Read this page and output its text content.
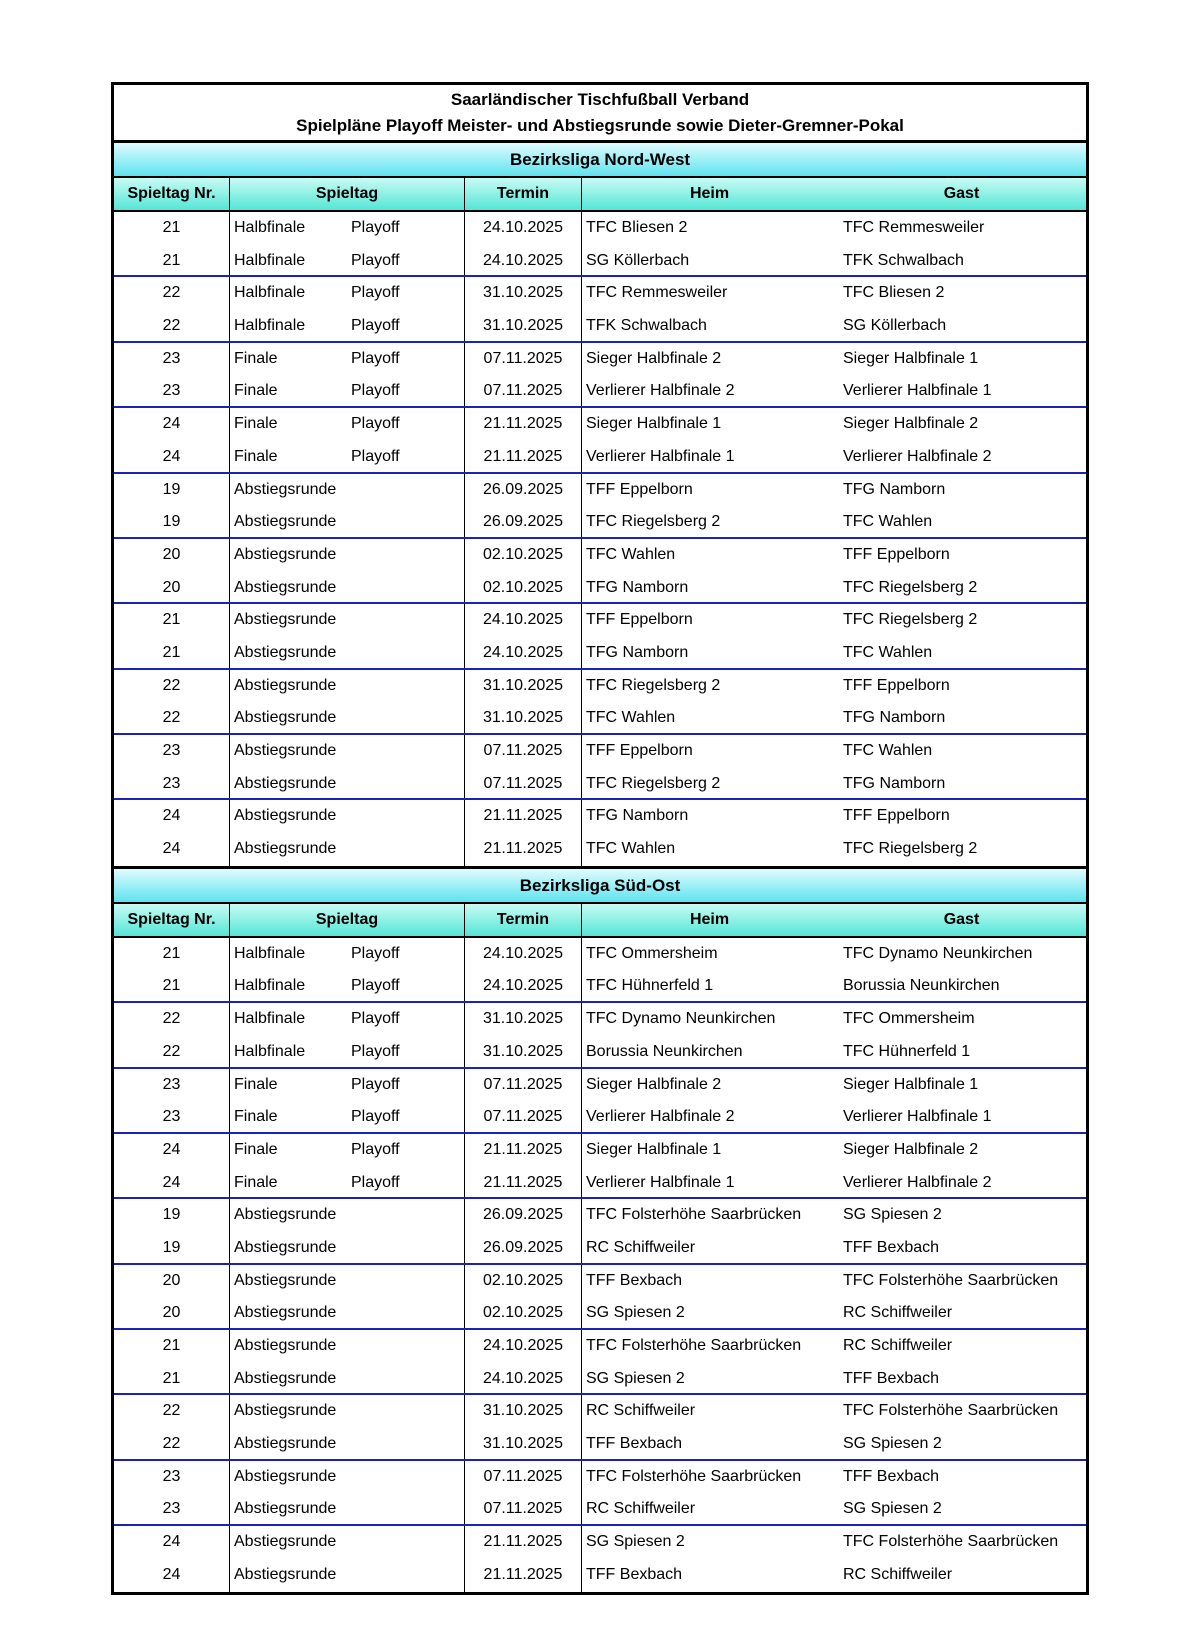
Saarländischer Tischfußball Verband
Spielpläne Playoff Meister- und Abstiegsrunde sowie Dieter-Gremner-Pokal
Bezirksliga Nord-West
Spieltag Nr.	Spieltag	Termin	Heim	Gast
21	Halbfinale	Playoff	24.10.2025	TFC Bliesen 2	TFC Remmesweiler
21	Halbfinale	Playoff	24.10.2025	SG Köllerbach	TFK Schwalbach
22	Halbfinale	Playoff	31.10.2025	TFC Remmesweiler	TFC Bliesen 2
22	Halbfinale	Playoff	31.10.2025	TFK Schwalbach	SG Köllerbach
23	Finale	Playoff	07.11.2025	Sieger Halbfinale 2	Sieger Halbfinale 1
23	Finale	Playoff	07.11.2025	Verlierer Halbfinale 2	Verlierer Halbfinale 1
24	Finale	Playoff	21.11.2025	Sieger Halbfinale 1	Sieger Halbfinale 2
24	Finale	Playoff	21.11.2025	Verlierer Halbfinale 1	Verlierer Halbfinale 2
19	Abstiegsrunde	26.09.2025	TFF Eppelborn	TFG Namborn
19	Abstiegsrunde	26.09.2025	TFC Riegelsberg 2	TFC Wahlen
20	Abstiegsrunde	02.10.2025	TFC Wahlen	TFF Eppelborn
20	Abstiegsrunde	02.10.2025	TFG Namborn	TFC Riegelsberg 2
21	Abstiegsrunde	24.10.2025	TFF Eppelborn	TFC Riegelsberg 2
21	Abstiegsrunde	24.10.2025	TFG Namborn	TFC Wahlen
22	Abstiegsrunde	31.10.2025	TFC Riegelsberg 2	TFF Eppelborn
22	Abstiegsrunde	31.10.2025	TFC Wahlen	TFG Namborn
23	Abstiegsrunde	07.11.2025	TFF Eppelborn	TFC Wahlen
23	Abstiegsrunde	07.11.2025	TFC Riegelsberg 2	TFG Namborn
24	Abstiegsrunde	21.11.2025	TFG Namborn	TFF Eppelborn
24	Abstiegsrunde	21.11.2025	TFC Wahlen	TFC Riegelsberg 2
Bezirksliga Süd-Ost
Spieltag Nr.	Spieltag	Termin	Heim	Gast
21	Halbfinale	Playoff	24.10.2025	TFC Ommersheim	TFC Dynamo Neunkirchen
21	Halbfinale	Playoff	24.10.2025	TFC Hühnerfeld 1	Borussia Neunkirchen
22	Halbfinale	Playoff	31.10.2025	TFC Dynamo Neunkirchen	TFC Ommersheim
22	Halbfinale	Playoff	31.10.2025	Borussia Neunkirchen	TFC Hühnerfeld 1
23	Finale	Playoff	07.11.2025	Sieger Halbfinale 2	Sieger Halbfinale 1
23	Finale	Playoff	07.11.2025	Verlierer Halbfinale 2	Verlierer Halbfinale 1
24	Finale	Playoff	21.11.2025	Sieger Halbfinale 1	Sieger Halbfinale 2
24	Finale	Playoff	21.11.2025	Verlierer Halbfinale 1	Verlierer Halbfinale 2
19	Abstiegsrunde	26.09.2025	TFC Folsterhöhe Saarbrücken	SG Spiesen 2
19	Abstiegsrunde	26.09.2025	RC Schiffweiler	TFF Bexbach
20	Abstiegsrunde	02.10.2025	TFF Bexbach	TFC Folsterhöhe Saarbrücken
20	Abstiegsrunde	02.10.2025	SG Spiesen 2	RC Schiffweiler
21	Abstiegsrunde	24.10.2025	TFC Folsterhöhe Saarbrücken	RC Schiffweiler
21	Abstiegsrunde	24.10.2025	SG Spiesen 2	TFF Bexbach
22	Abstiegsrunde	31.10.2025	RC Schiffweiler	TFC Folsterhöhe Saarbrücken
22	Abstiegsrunde	31.10.2025	TFF Bexbach	SG Spiesen 2
23	Abstiegsrunde	07.11.2025	TFC Folsterhöhe Saarbrücken	TFF Bexbach
23	Abstiegsrunde	07.11.2025	RC Schiffweiler	SG Spiesen 2
24	Abstiegsrunde	21.11.2025	SG Spiesen 2	TFC Folsterhöhe Saarbrücken
24	Abstiegsrunde	21.11.2025	TFF Bexbach	RC Schiffweiler
